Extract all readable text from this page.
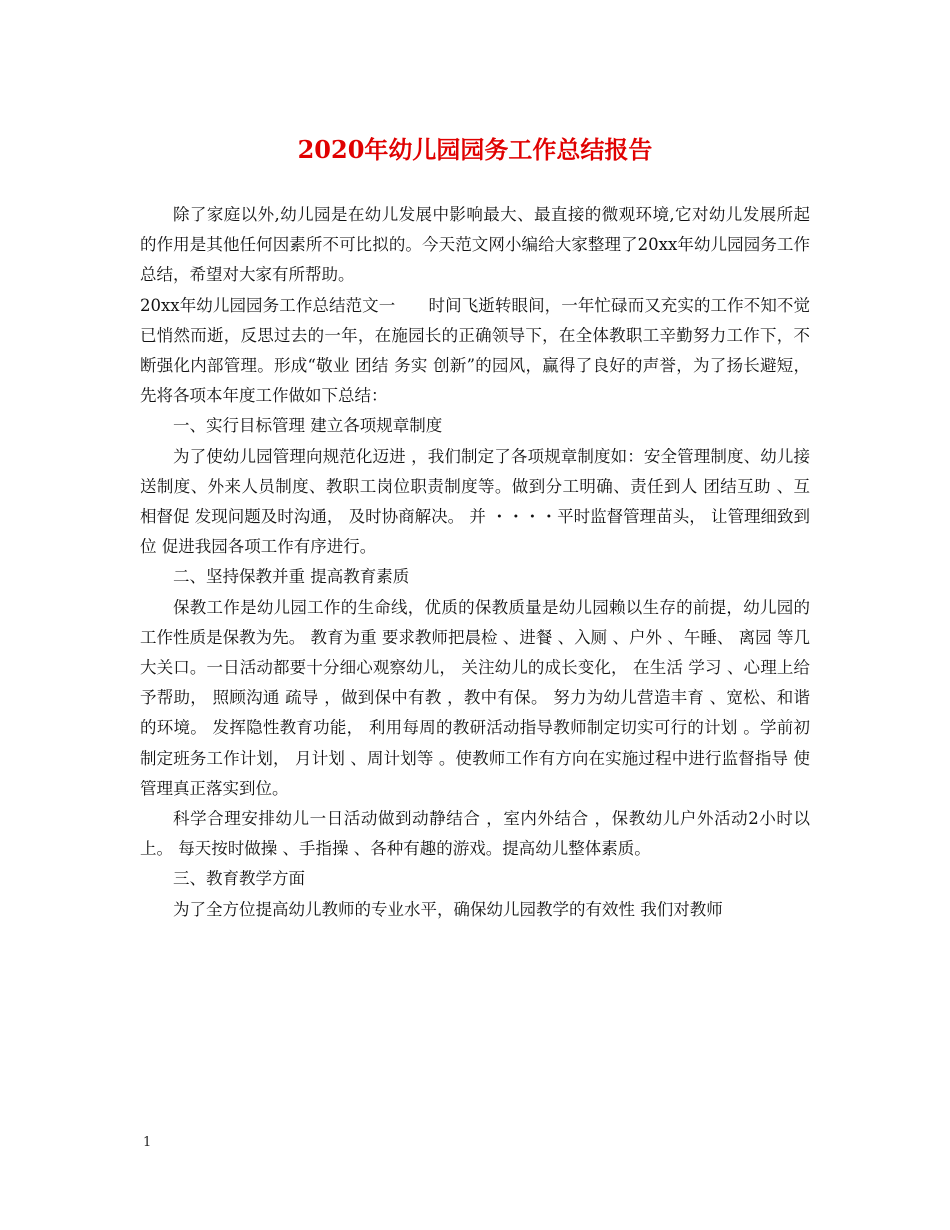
2020年幼儿园园务工作总结报告

除了家庭以外,幼儿园是在幼儿发展中影响最大、最直接的微观环境,它对幼儿发展所起的作用是其他任何因素所不可比拟的。今天范文网小编给大家整理了20xx年幼儿园园务工作总结，希望对大家有所帮助。

20xx年幼儿园园务工作总结范文一　　时间飞逝转眼间，一年忙碌而又充实的工作不知不觉已悄然而逝，反思过去的一年，在施园长的正确领导下，在全体教职工辛勤努力工作下，不断强化内部管理。形成“敬业 团结 务实 创新”的园风，赢得了良好的声誉，为了扬长避短，先将各项本年度工作做如下总结：

一、实行目标管理 建立各项规章制度

为了使幼儿园管理向规范化迈进 ，我们制定了各项规章制度如：安全管理制度、幼儿接送制度、外来人员制度、教职工岗位职责制度等。做到分工明确、责任到人 团结互助 、互相督促 发现问题及时沟通， 及时协商解决。 并 ・・・・平时监督管理苗头， 让管理细致到位 促进我园各项工作有序进行。

二、坚持保教并重 提高教育素质

保教工作是幼儿园工作的生命线，优质的保教质量是幼儿园赖以生存的前提，幼儿园的工作性质是保教为先。 教育为重 要求教师把晨检 、进餐 、入厕 、户外 、午睡、 离园 等几大关口。一日活动都要十分细心观察幼儿， 关注幼儿的成长变化， 在生活 学习 、心理上给予帮助， 照顾沟通 疏导 ，做到保中有教 ，教中有保。 努力为幼儿营造丰育 、宽松、和谐的环境。 发挥隐性教育功能， 利用每周的教研活动指导教师制定切实可行的计划 。学前初制定班务工作计划， 月计划 、周计划等 。使教师工作有方向在实施过程中进行监督指导 使管理真正落实到位。

科学合理安排幼儿一日活动做到动静结合 ，室内外结合 ，保教幼儿户外活动2小时以上。 每天按时做操 、手指操 、各种有趣的游戏。提高幼儿整体素质。

三、教育教学方面

为了全方位提高幼儿教师的专业水平，确保幼儿园教学的有效性 我们对教师

1
